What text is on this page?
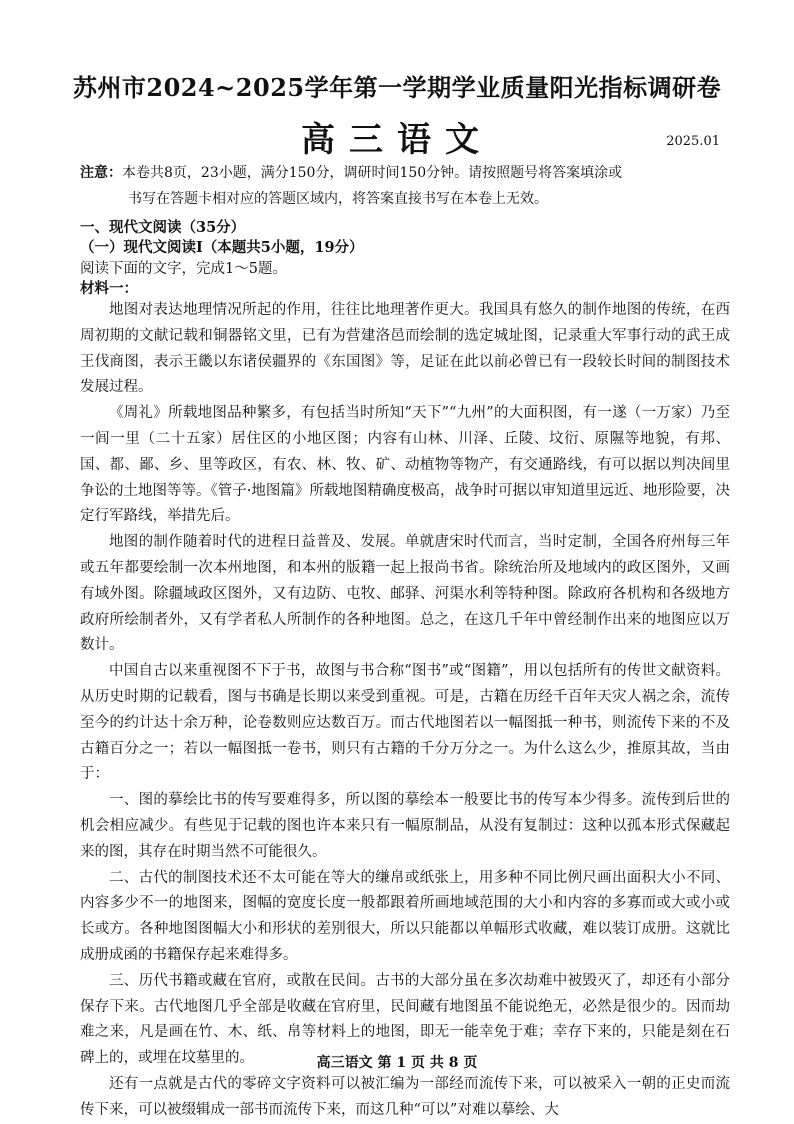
苏州市2024~2025学年第一学期学业质量阳光指标调研卷
高三语文	2025.01
注意：本卷共8页，23小题，满分150分，调研时间150分钟。请按照题号将答案填涂或
书写在答题卡相对应的答题区域内，将答案直接书写在本卷上无效。
一、现代文阅读（35分）
（一）现代文阅读Ⅰ（本题共5小题，19分）
阅读下面的文字，完成1～5题。
材料一：

地图对表达地理情况所起的作用，往往比地理著作更大。我国具有悠久的制作地图的传统，在西周初期的文献记载和铜器铭文里，已有为营建洛邑而绘制的选定城址图，记录重大军事行动的武王成王伐商图，表示王畿以东诸侯疆界的《东国图》等，足证在此以前必曾已有一段较长时间的制图技术发展过程。

《周礼》所载地图品种繁多，有包括当时所知“天下”“九州”的大面积图，有一遂（一万家）乃至一闾一里（二十五家）居住区的小地区图；内容有山林、川泽、丘陵、坟衍、原隰等地貌，有邦、国、都、鄙、乡、里等政区，有农、林、牧、矿、动植物等物产，有交通路线，有可以据以判决闾里争讼的土地图等等。《管子·地图篇》所载地图精确度极高，战争时可据以审知道里远近、地形险要，决定行军路线，举措先后。

地图的制作随着时代的进程日益普及、发展。单就唐宋时代而言，当时定制，全国各府州每三年或五年都要绘制一次本州地图，和本州的版籍一起上报尚书省。除统治所及地域内的政区图外，又画有域外图。除疆域政区图外，又有边防、屯牧、邮驿、河渠水利等特种图。除政府各机构和各级地方政府所绘制者外，又有学者私人所制作的各种地图。总之，在这几千年中曾经制作出来的地图应以万数计。

中国自古以来重视图不下于书，故图与书合称“图书”或“图籍”，用以包括所有的传世文献资料。从历史时期的记载看，图与书确是长期以来受到重视。可是，古籍在历经千百年天灾人祸之余，流传至今的约计达十余万种，论卷数则应达数百万。而古代地图若以一幅图抵一种书，则流传下来的不及古籍百分之一；若以一幅图抵一卷书，则只有古籍的千分万分之一。为什么这么少，推原其故，当由于：

一、图的摹绘比书的传写要难得多，所以图的摹绘本一般要比书的传写本少得多。流传到后世的机会相应减少。有些见于记载的图也许本来只有一幅原制品，从没有复制过：这种以孤本形式保藏起来的图，其存在时期当然不可能很久。

二、古代的制图技术还不太可能在等大的缣帛或纸张上，用多种不同比例尺画出面积大小不同、内容多少不一的地图来，图幅的宽度长度一般都跟着所画地域范围的大小和内容的多寡而或大或小或长或方。各种地图图幅大小和形状的差别很大，所以只能都以单幅形式收藏，难以装订成册。这就比成册成函的书籍保存起来难得多。

三、历代书籍或藏在官府，或散在民间。古书的大部分虽在多次劫难中被毁灭了，却还有小部分保存下来。古代地图几乎全部是收藏在官府里，民间藏有地图虽不能说绝无，必然是很少的。因而劫难之来，凡是画在竹、木、纸、帛等材料上的地图，即无一能幸免于难；幸存下来的，只能是刻在石碑上的，或埋在坟墓里的。

还有一点就是古代的零碎文字资料可以被汇编为一部经而流传下来，可以被采入一朝的正史而流传下来，可以被缀辑成一部书而流传下来，而这几种“可以”对难以摹绘、大

高三语文 第 1 页 共 8 页
